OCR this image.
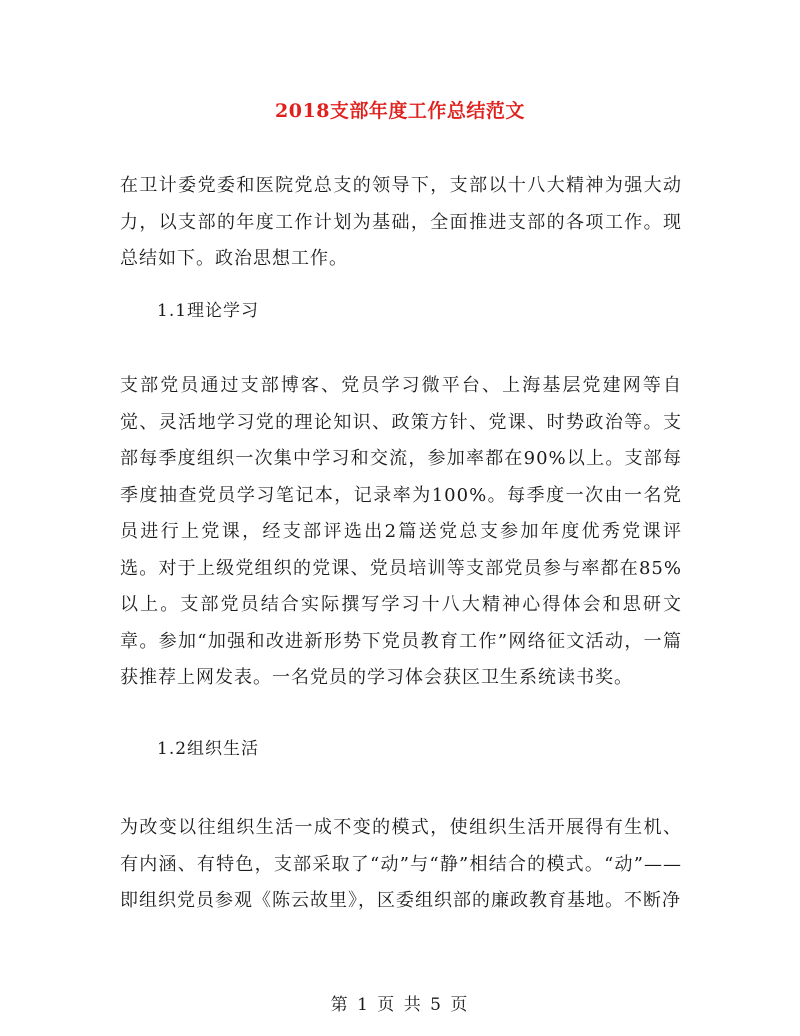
2018支部年度工作总结范文
在卫计委党委和医院党总支的领导下，支部以十八大精神为强大动力，以支部的年度工作计划为基础，全面推进支部的各项工作。现总结如下。政治思想工作。
1.1理论学习
支部党员通过支部博客、党员学习微平台、上海基层党建网等自觉、灵活地学习党的理论知识、政策方针、党课、时势政治等。支部每季度组织一次集中学习和交流，参加率都在90%以上。支部每季度抽查党员学习笔记本，记录率为100%。每季度一次由一名党员进行上党课，经支部评选出2篇送党总支参加年度优秀党课评选。对于上级党组织的党课、党员培训等支部党员参与率都在85%以上。支部党员结合实际撰写学习十八大精神心得体会和思研文章。参加“加强和改进新形势下党员教育工作”网络征文活动，一篇获推荐上网发表。一名党员的学习体会获区卫生系统读书奖。
1.2组织生活
为改变以往组织生活一成不变的模式，使组织生活开展得有生机、有内涵、有特色，支部采取了“动”与“静”相结合的模式。“动”——即组织党员参观《陈云故里》，区委组织部的廉政教育基地。不断净
第 1 页 共 5 页
